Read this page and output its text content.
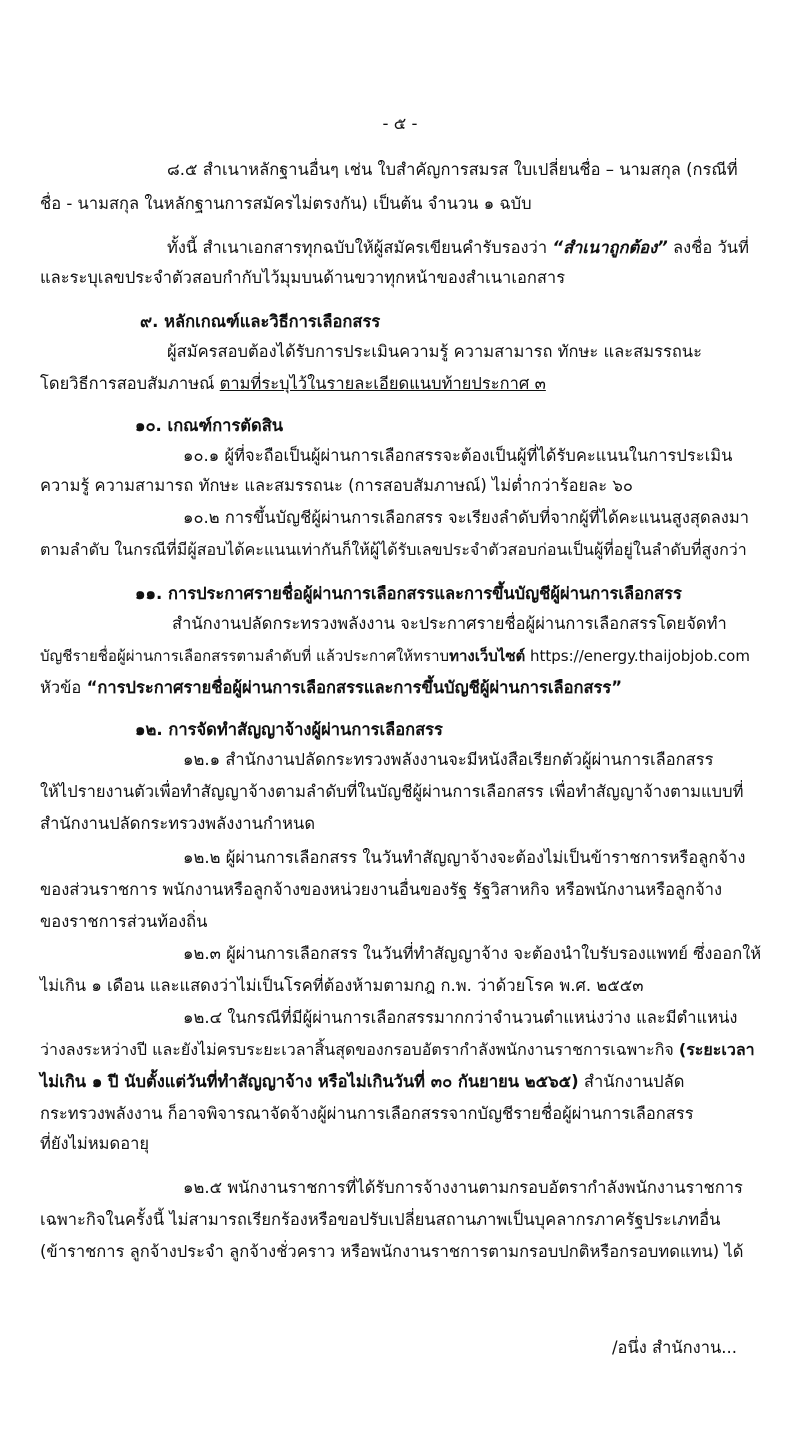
- ๕ -
๘.๕ สำเนาหลักฐานอื่นๆ เช่น ใบสำคัญการสมรส ใบเปลี่ยนชื่อ – นามสกุล (กรณีที่
ชื่อ - นามสกุล ในหลักฐานการสมัครไม่ตรงกัน) เป็นต้น จำนวน ๑ ฉบับ
ทั้งนี้ สำเนาเอกสารทุกฉบับให้ผู้สมัครเขียนคำรับรองว่า “สำเนาถูกต้อง” ลงชื่อ วันที่
และระบุเลขประจำตัวสอบกำกับไว้มุมบนด้านขวาทุกหน้าของสำเนาเอกสาร
๙. หลักเกณฑ์และวิธีการเลือกสรร
ผู้สมัครสอบต้องได้รับการประเมินความรู้ ความสามารถ ทักษะ และสมรรถนะ
โดยวิธีการสอบสัมภาษณ์ ตามที่ระบุไว้ในรายละเอียดแนบท้ายประกาศ ๓
๑๐. เกณฑ์การตัดสิน
๑๐.๑ ผู้ที่จะถือเป็นผู้ผ่านการเลือกสรรจะต้องเป็นผู้ที่ได้รับคะแนนในการประเมิน
ความรู้ ความสามารถ ทักษะ และสมรรถนะ (การสอบสัมภาษณ์) ไม่ต่ำกว่าร้อยละ ๖๐
๑๐.๒ การขึ้นบัญชีผู้ผ่านการเลือกสรร จะเรียงลำดับที่จากผู้ที่ได้คะแนนสูงสุดลงมา
ตามลำดับ ในกรณีที่มีผู้สอบได้คะแนนเท่ากันก็ให้ผู้ได้รับเลขประจำตัวสอบก่อนเป็นผู้ที่อยู่ในลำดับที่สูงกว่า
๑๑. การประกาศรายชื่อผู้ผ่านการเลือกสรรและการขึ้นบัญชีผู้ผ่านการเลือกสรร
สำนักงานปลัดกระทรวงพลังงาน จะประกาศรายชื่อผู้ผ่านการเลือกสรรโดยจัดทำ
บัญชีรายชื่อผู้ผ่านการเลือกสรรตามลำดับที่ แล้วประกาศให้ทราบทางเว็บไซต์ https://energy.thaijobjob.com
หัวข้อ “การประกาศรายชื่อผู้ผ่านการเลือกสรรและการขึ้นบัญชีผู้ผ่านการเลือกสรร”
๑๒. การจัดทำสัญญาจ้างผู้ผ่านการเลือกสรร
๑๒.๑ สำนักงานปลัดกระทรวงพลังงานจะมีหนังสือเรียกตัวผู้ผ่านการเลือกสรร
ให้ไปรายงานตัวเพื่อทำสัญญาจ้างตามลำดับที่ในบัญชีผู้ผ่านการเลือกสรร เพื่อทำสัญญาจ้างตามแบบที่
สำนักงานปลัดกระทรวงพลังงานกำหนด
๑๒.๒ ผู้ผ่านการเลือกสรร ในวันทำสัญญาจ้างจะต้องไม่เป็นข้าราชการหรือลูกจ้าง
ของส่วนราชการ พนักงานหรือลูกจ้างของหน่วยงานอื่นของรัฐ รัฐวิสาหกิจ หรือพนักงานหรือลูกจ้าง
ของราชการส่วนท้องถิ่น
๑๒.๓ ผู้ผ่านการเลือกสรร ในวันที่ทำสัญญาจ้าง จะต้องนำใบรับรองแพทย์ ซึ่งออกให้
ไม่เกิน ๑ เดือน และแสดงว่าไม่เป็นโรคที่ต้องห้ามตามกฎ ก.พ. ว่าด้วยโรค พ.ศ. ๒๕๕๓
๑๒.๔ ในกรณีที่มีผู้ผ่านการเลือกสรรมากกว่าจำนวนตำแหน่งว่าง และมีตำแหน่ง
ว่างลงระหว่างปี และยังไม่ครบระยะเวลาสิ้นสุดของกรอบอัตรากำลังพนักงานราชการเฉพาะกิจ (ระยะเวลา
ไม่เกิน ๑ ปี นับตั้งแต่วันที่ทำสัญญาจ้าง หรือไม่เกินวันที่ ๓๐ กันยายน ๒๕๖๕) สำนักงานปลัด
กระทรวงพลังงาน ก็อาจพิจารณาจัดจ้างผู้ผ่านการเลือกสรรจากบัญชีรายชื่อผู้ผ่านการเลือกสรร
ที่ยังไม่หมดอายุ
๑๒.๕ พนักงานราชการที่ได้รับการจ้างงานตามกรอบอัตรากำลังพนักงานราชการ
เฉพาะกิจในครั้งนี้ ไม่สามารถเรียกร้องหรือขอปรับเปลี่ยนสถานภาพเป็นบุคลากรภาครัฐประเภทอื่น
(ข้าราชการ ลูกจ้างประจำ ลูกจ้างชั่วคราว หรือพนักงานราชการตามกรอบปกติหรือกรอบทดแทน) ได้
/อนึ่ง สำนักงาน...
